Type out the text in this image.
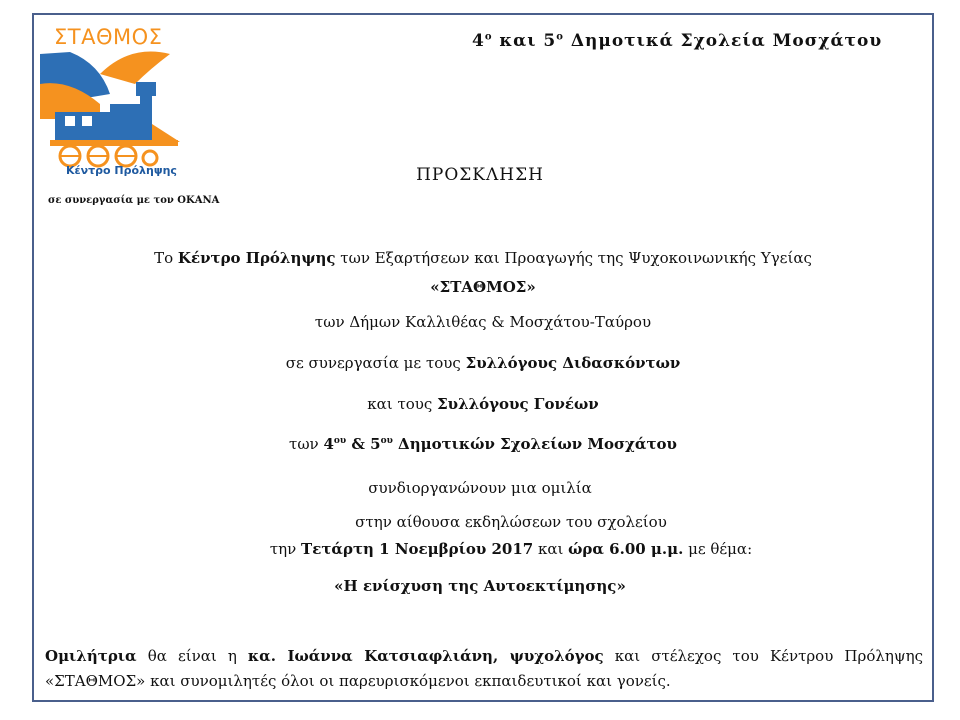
ΣΤΑΘΜΟΣ
Κέντρο Πρόληψης
σε συνεργασία με τον ΟΚΑΝΑ
$4^o$ και $5^o$ Δημοτικά Σχολεία Μοσχάτου
ΠΡΟΣΚΛΗΣΗ
Το Κέντρο Πρόληψης των Εξαρτήσεων και Προαγωγής της Ψυχοκοινωνικής Υγείας
«ΣΤΑΘΜΟΣ»
των Δήμων Καλλιθέας & Μοσχάτου-Ταύρου
σε συνεργασία με τους Συλλόγους Διδασκόντων
και τους Συλλόγους Γονέων
των $4^{o\upsilon}$ & $5^{o\upsilon}$ Δημοτικών Σχολείων Μοσχάτου
συνδιοργανώνουν μια ομιλία
στην αίθουσα εκδηλώσεων του σχολείου
την Τετάρτη 1 Νοεμβρίου 2017 και ώρα 6.00 μ.μ. με θέμα:
«Η ενίσχυση της Αυτοεκτίμησης»
Ομιλήτρια θα είναι η κα. Ιωάννα Κατσιαφλιάνη, ψυχολόγος και στέλεχος του Κέντρου Πρόληψης «ΣΤΑΘΜΟΣ» και συνομιλητές όλοι οι παρευρισκόμενοι εκπαιδευτικοί και γονείς.
